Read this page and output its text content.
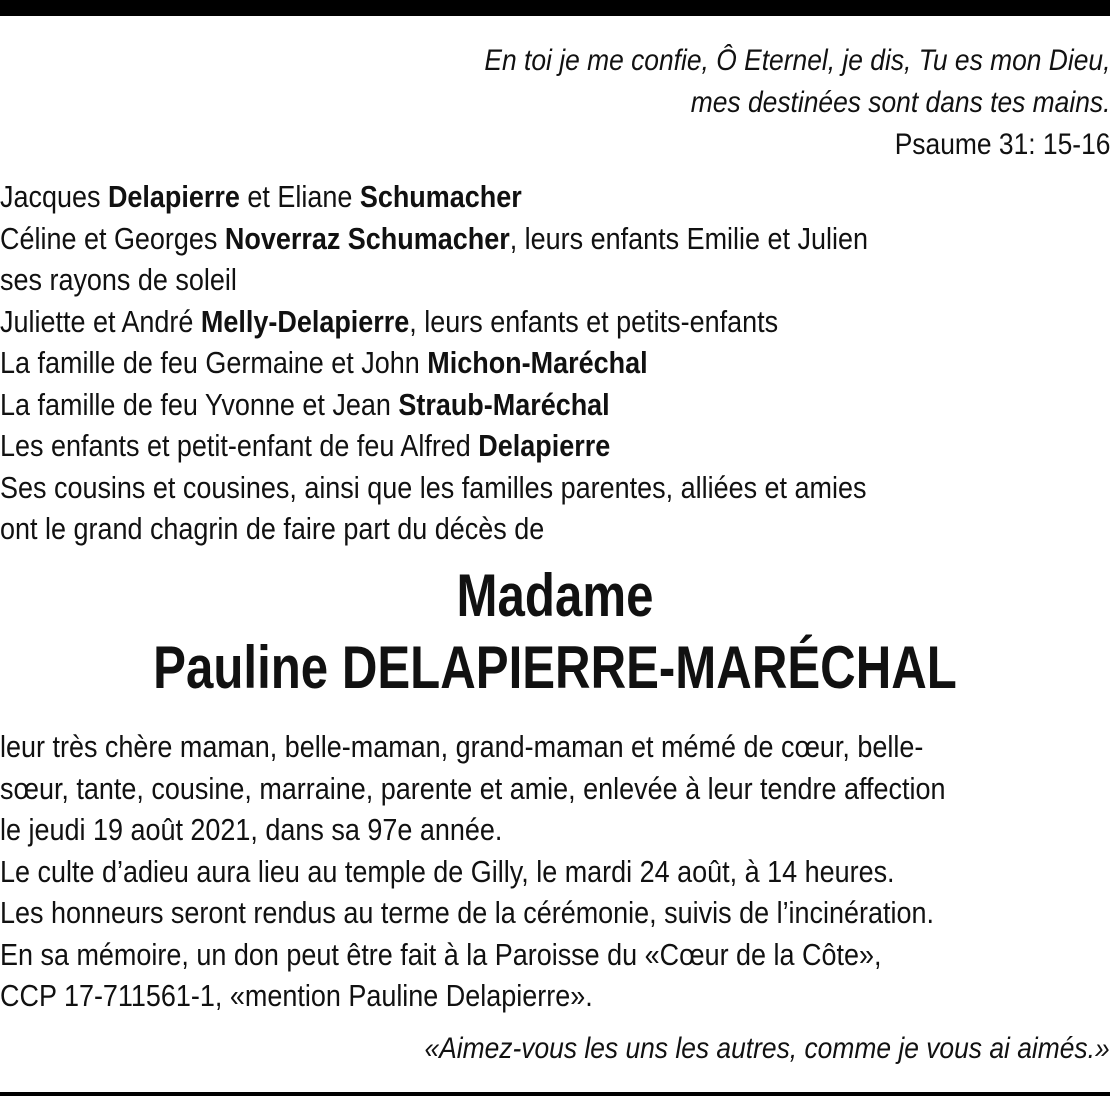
En toi je me confie, Ô Eternel, je dis, Tu es mon Dieu,
mes destinées sont dans tes mains.
Psaume 31: 15-16
Jacques Delapierre et Eliane Schumacher
Céline et Georges Noverraz Schumacher, leurs enfants Emilie et Julien
ses rayons de soleil
Juliette et André Melly-Delapierre, leurs enfants et petits-enfants
La famille de feu Germaine et John Michon-Maréchal
La famille de feu Yvonne et Jean Straub-Maréchal
Les enfants et petit-enfant de feu Alfred Delapierre
Ses cousins et cousines, ainsi que les familles parentes, alliées et amies
ont le grand chagrin de faire part du décès de
Madame
Pauline DELAPIERRE-MARÉCHAL
leur très chère maman, belle-maman, grand-maman et mémé de cœur, belle-
sœur, tante, cousine, marraine, parente et amie, enlevée à leur tendre affection
le jeudi 19 août 2021, dans sa 97e année.
Le culte d’adieu aura lieu au temple de Gilly, le mardi 24 août, à 14 heures.
Les honneurs seront rendus au terme de la cérémonie, suivis de l’incinération.
En sa mémoire, un don peut être fait à la Paroisse du «Cœur de la Côte»,
CCP 17-711561-1, «mention Pauline Delapierre».
«Aimez-vous les uns les autres, comme je vous ai aimés.»
